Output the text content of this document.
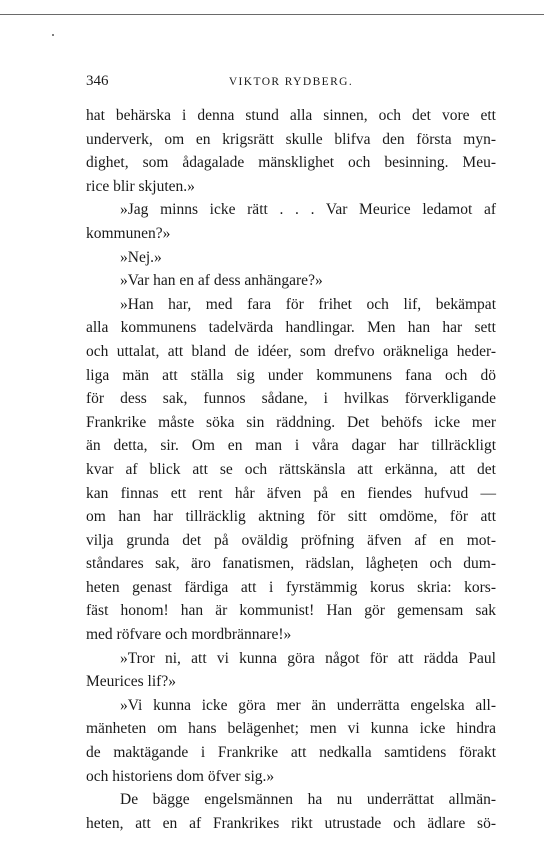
346	VIKTOR RYDBERG.
hat behärska i denna stund alla sinnen, och det vore ett
underverk, om en krigsrätt skulle blifva den första myn-
dighet, som ådagalade mänsklighet och besinning. Meu-
rice blir skjuten.»
»Jag minns icke rätt . . . Var Meurice ledamot af
kommunen?»
»Nej.»
»Var han en af dess anhängare?»
»Han har, med fara för frihet och lif, bekämpat
alla kommunens tadelvärda handlingar. Men han har sett
och uttalat, att bland de idéer, som drefvo oräkneliga heder-
liga män att ställa sig under kommunens fana och dö
för dess sak, funnos sådane, i hvilkas förverkligande
Frankrike måste söka sin räddning. Det behöfs icke mer
än detta, sir. Om en man i våra dagar har tillräckligt
kvar af blick att se och rättskänsla att erkänna, att det
kan finnas ett rent hår äfven på en fiendes hufvud —
om han har tillräcklig aktning för sitt omdöme, för att
vilja grunda det på oväldig pröfning äfven af en mot-
ståndares sak, äro fanatismen, rädslan, lågheten och dum-
heten genast färdiga att i fyrstämmig korus skria: kors-
fäst honom! han är kommunist! Han gör gemensam sak
med röfvare och mordbrännare!»
»Tror ni, att vi kunna göra något för att rädda Paul
Meurices lif?»
»Vi kunna icke göra mer än underrätta engelska all-
mänheten om hans belägenhet; men vi kunna icke hindra
de maktägande i Frankrike att nedkalla samtidens förakt
och historiens dom öfver sig.»
De bägge engelsmännen ha nu underrättat allmän-
heten, att en af Frankrikes rikt utrustade och ädlare sö-
